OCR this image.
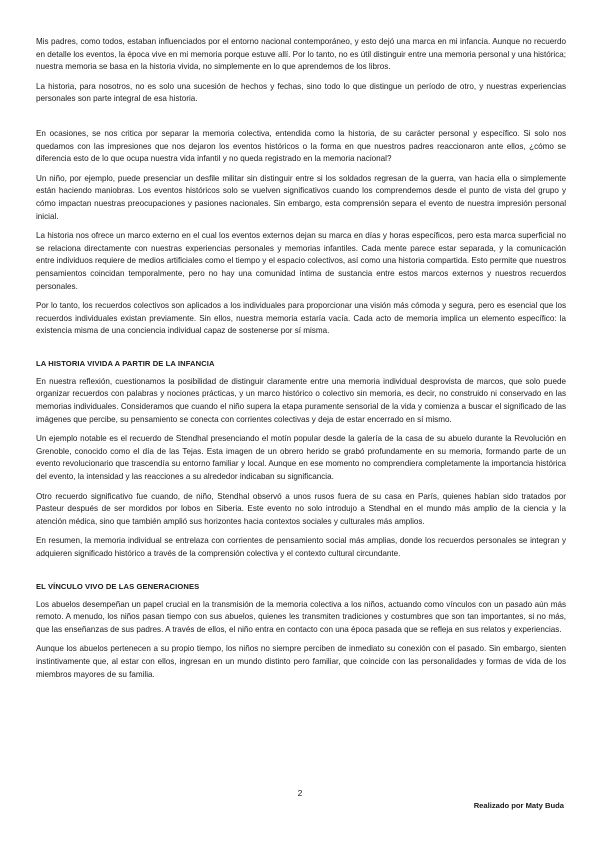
Mis padres, como todos, estaban influenciados por el entorno nacional contemporáneo, y esto dejó una marca en mi infancia. Aunque no recuerdo en detalle los eventos, la época vive en mi memoria porque estuve allí. Por lo tanto, no es útil distinguir entre una memoria personal y una histórica; nuestra memoria se basa en la historia vivida, no simplemente en lo que aprendemos de los libros.

La historia, para nosotros, no es solo una sucesión de hechos y fechas, sino todo lo que distingue un período de otro, y nuestras experiencias personales son parte integral de esa historia.

En ocasiones, se nos critica por separar la memoria colectiva, entendida como la historia, de su carácter personal y específico. Si solo nos quedamos con las impresiones que nos dejaron los eventos históricos o la forma en que nuestros padres reaccionaron ante ellos, ¿cómo se diferencia esto de lo que ocupa nuestra vida infantil y no queda registrado en la memoria nacional?

Un niño, por ejemplo, puede presenciar un desfile militar sin distinguir entre si los soldados regresan de la guerra, van hacia ella o simplemente están haciendo maniobras. Los eventos históricos solo se vuelven significativos cuando los comprendemos desde el punto de vista del grupo y cómo impactan nuestras preocupaciones y pasiones nacionales. Sin embargo, esta comprensión separa el evento de nuestra impresión personal inicial.

La historia nos ofrece un marco externo en el cual los eventos externos dejan su marca en días y horas específicos, pero esta marca superficial no se relaciona directamente con nuestras experiencias personales y memorias infantiles. Cada mente parece estar separada, y la comunicación entre individuos requiere de medios artificiales como el tiempo y el espacio colectivos, así como una historia compartida. Esto permite que nuestros pensamientos coincidan temporalmente, pero no hay una comunidad íntima de sustancia entre estos marcos externos y nuestros recuerdos personales.

Por lo tanto, los recuerdos colectivos son aplicados a los individuales para proporcionar una visión más cómoda y segura, pero es esencial que los recuerdos individuales existan previamente. Sin ellos, nuestra memoria estaría vacía. Cada acto de memoria implica un elemento específico: la existencia misma de una conciencia individual capaz de sostenerse por sí misma.

LA HISTORIA VIVIDA A PARTIR DE LA INFANCIA

En nuestra reflexión, cuestionamos la posibilidad de distinguir claramente entre una memoria individual desprovista de marcos, que solo puede organizar recuerdos con palabras y nociones prácticas, y un marco histórico o colectivo sin memoria, es decir, no construido ni conservado en las memorias individuales. Consideramos que cuando el niño supera la etapa puramente sensorial de la vida y comienza a buscar el significado de las imágenes que percibe, su pensamiento se conecta con corrientes colectivas y deja de estar encerrado en sí mismo.

Un ejemplo notable es el recuerdo de Stendhal presenciando el motín popular desde la galería de la casa de su abuelo durante la Revolución en Grenoble, conocido como el día de las Tejas. Esta imagen de un obrero herido se grabó profundamente en su memoria, formando parte de un evento revolucionario que trascendía su entorno familiar y local. Aunque en ese momento no comprendiera completamente la importancia histórica del evento, la intensidad y las reacciones a su alrededor indicaban su significancia.

Otro recuerdo significativo fue cuando, de niño, Stendhal observó a unos rusos fuera de su casa en París, quienes habían sido tratados por Pasteur después de ser mordidos por lobos en Siberia. Este evento no solo introdujo a Stendhal en el mundo más amplio de la ciencia y la atención médica, sino que también amplió sus horizontes hacia contextos sociales y culturales más amplios.

En resumen, la memoria individual se entrelaza con corrientes de pensamiento social más amplias, donde los recuerdos personales se integran y adquieren significado histórico a través de la comprensión colectiva y el contexto cultural circundante.

EL VÍNCULO VIVO DE LAS GENERACIONES

Los abuelos desempeñan un papel crucial en la transmisión de la memoria colectiva a los niños, actuando como vínculos con un pasado aún más remoto. A menudo, los niños pasan tiempo con sus abuelos, quienes les transmiten tradiciones y costumbres que son tan importantes, si no más, que las enseñanzas de sus padres. A través de ellos, el niño entra en contacto con una época pasada que se refleja en sus relatos y experiencias.

Aunque los abuelos pertenecen a su propio tiempo, los niños no siempre perciben de inmediato su conexión con el pasado. Sin embargo, sienten instintivamente que, al estar con ellos, ingresan en un mundo distinto pero familiar, que coincide con las personalidades y formas de vida de los miembros mayores de su familia.

2
Realizado por Maty Buda
